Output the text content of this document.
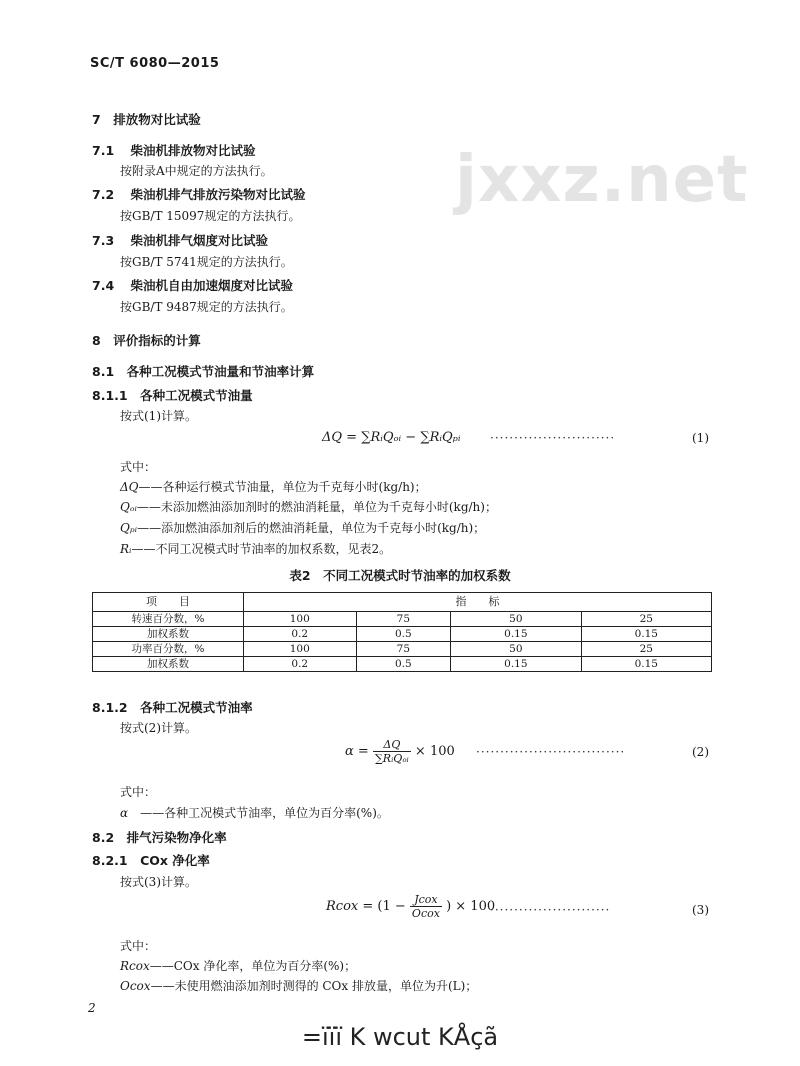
SC/T 6080—2015
jxxz.net
7　排放物对比试验
7.1　 柴油机排放物对比试验
按附录A中规定的方法执行。
7.2　 柴油机排气排放污染物对比试验
按GB/T 15097规定的方法执行。
7.3　 柴油机排气烟度对比试验
按GB/T 5741规定的方法执行。
7.4　 柴油机自由加速烟度对比试验
按GB/T 9487规定的方法执行。
8　评价指标的计算
8.1　各种工况模式节油量和节油率计算
8.1.1　各种工况模式节油量
按式(1)计算。
ΔQ = ∑RᵢQₒᵢ − ∑RᵢQₚᵢ ··························	(1)
式中：
ΔQ——各种运行模式节油量，单位为千克每小时(kg/h)；
Qₒᵢ——未添加燃油添加剂时的燃油消耗量，单位为千克每小时(kg/h)；
Qₚᵢ——添加燃油添加剂后的燃油消耗量，单位为千克每小时(kg/h)；
Rᵢ——不同工况模式时节油率的加权系数，见表2。
表2　不同工况模式时节油率的加权系数
项　　目	指　　标			
转速百分数，%	100	75	50	25
加权系数	0.2	0.5	0.15	0.15
功率百分数，%	100	75	50	25
加权系数	0.2	0.5	0.15	0.15
8.1.2　各种工况模式节油率
按式(2)计算。
$\alpha = \frac{\Delta Q}{\text{∑RᵢQₒᵢ}} \times 100$ ·······························	(2)
式中：
α　 ——各种工况模式节油率，单位为百分率(%)。
8.2　排气污染物净化率
8.2.1　COx 净化率
按式(3)计算。
Rcox = ($1 - \frac{\text{Jcox}}{\text{Ocox}}$ ) × 100
·························	(3)
式中：
Rcox——COx 净化率，单位为百分率(%)；
Ocox——未使用燃油添加剂时测得的 COx 排放量，单位为升(L)；
2
=ïïï K wcut KÅçã
